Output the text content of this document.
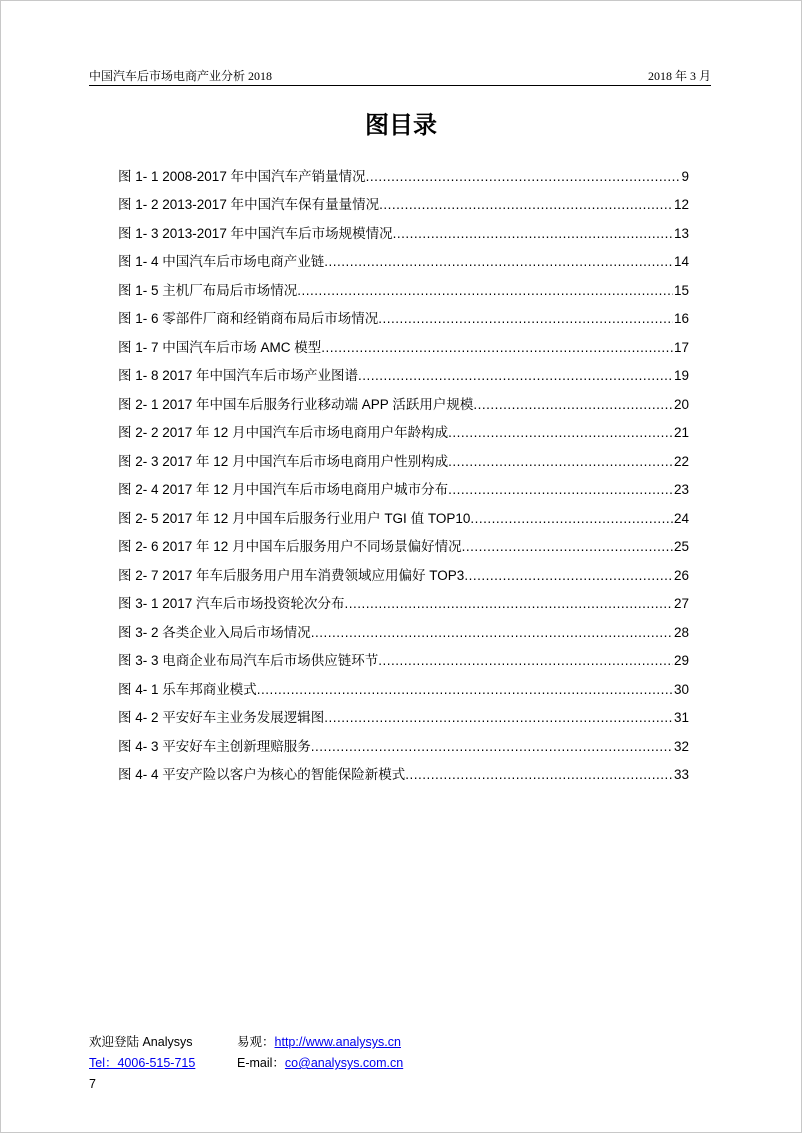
中国汽车后市场电商产业分析 2018	2018 年 3 月
图目录
图 1- 1 2008-2017 年中国汽车产销量情况 .....	9
图 1- 2 2013-2017 年中国汽车保有量量情况 .....	12
图 1- 3 2013-2017 年中国汽车后市场规模情况 .....	13
图 1- 4 中国汽车后市场电商产业链 .....	14
图 1- 5 主机厂布局后市场情况 .....	15
图 1- 6 零部件厂商和经销商布局后市场情况 .....	16
图 1- 7 中国汽车后市场 AMC 模型 .....	17
图 1- 8 2017 年中国汽车后市场产业图谱 .....	19
图 2- 1 2017 年中国车后服务行业移动端 APP 活跃用户规模 .....	20
图 2- 2 2017 年 12 月中国汽车后市场电商用户年龄构成 .....	21
图 2- 3 2017 年 12 月中国汽车后市场电商用户性别构成 .....	22
图 2- 4 2017 年 12 月中国汽车后市场电商用户城市分布 .....	23
图 2- 5 2017 年 12 月中国车后服务行业用户 TGI 值 TOP10 .....	24
图 2- 6 2017 年 12 月中国车后服务用户不同场景偏好情况 .....	25
图 2- 7 2017 年车后服务用户用车消费领域应用偏好 TOP3 .....	26
图 3- 1 2017 汽车后市场投资轮次分布 .....	27
图 3- 2 各类企业入局后市场情况 .....	28
图 3- 3 电商企业布局汽车后市场供应链环节 .....	29
图 4- 1 乐车邦商业模式 .....	30
图 4- 2 平安好车主业务发展逻辑图 .....	31
图 4- 3 平安好车主创新理赔服务 .....	32
图 4- 4 平安产险以客户为核心的智能保险新模式 .....	33
欢迎登陆 Analysys
Tel：4006-515-715
易观：http://www.analysys.cn
E-mail：co@analysys.com.cn
7
